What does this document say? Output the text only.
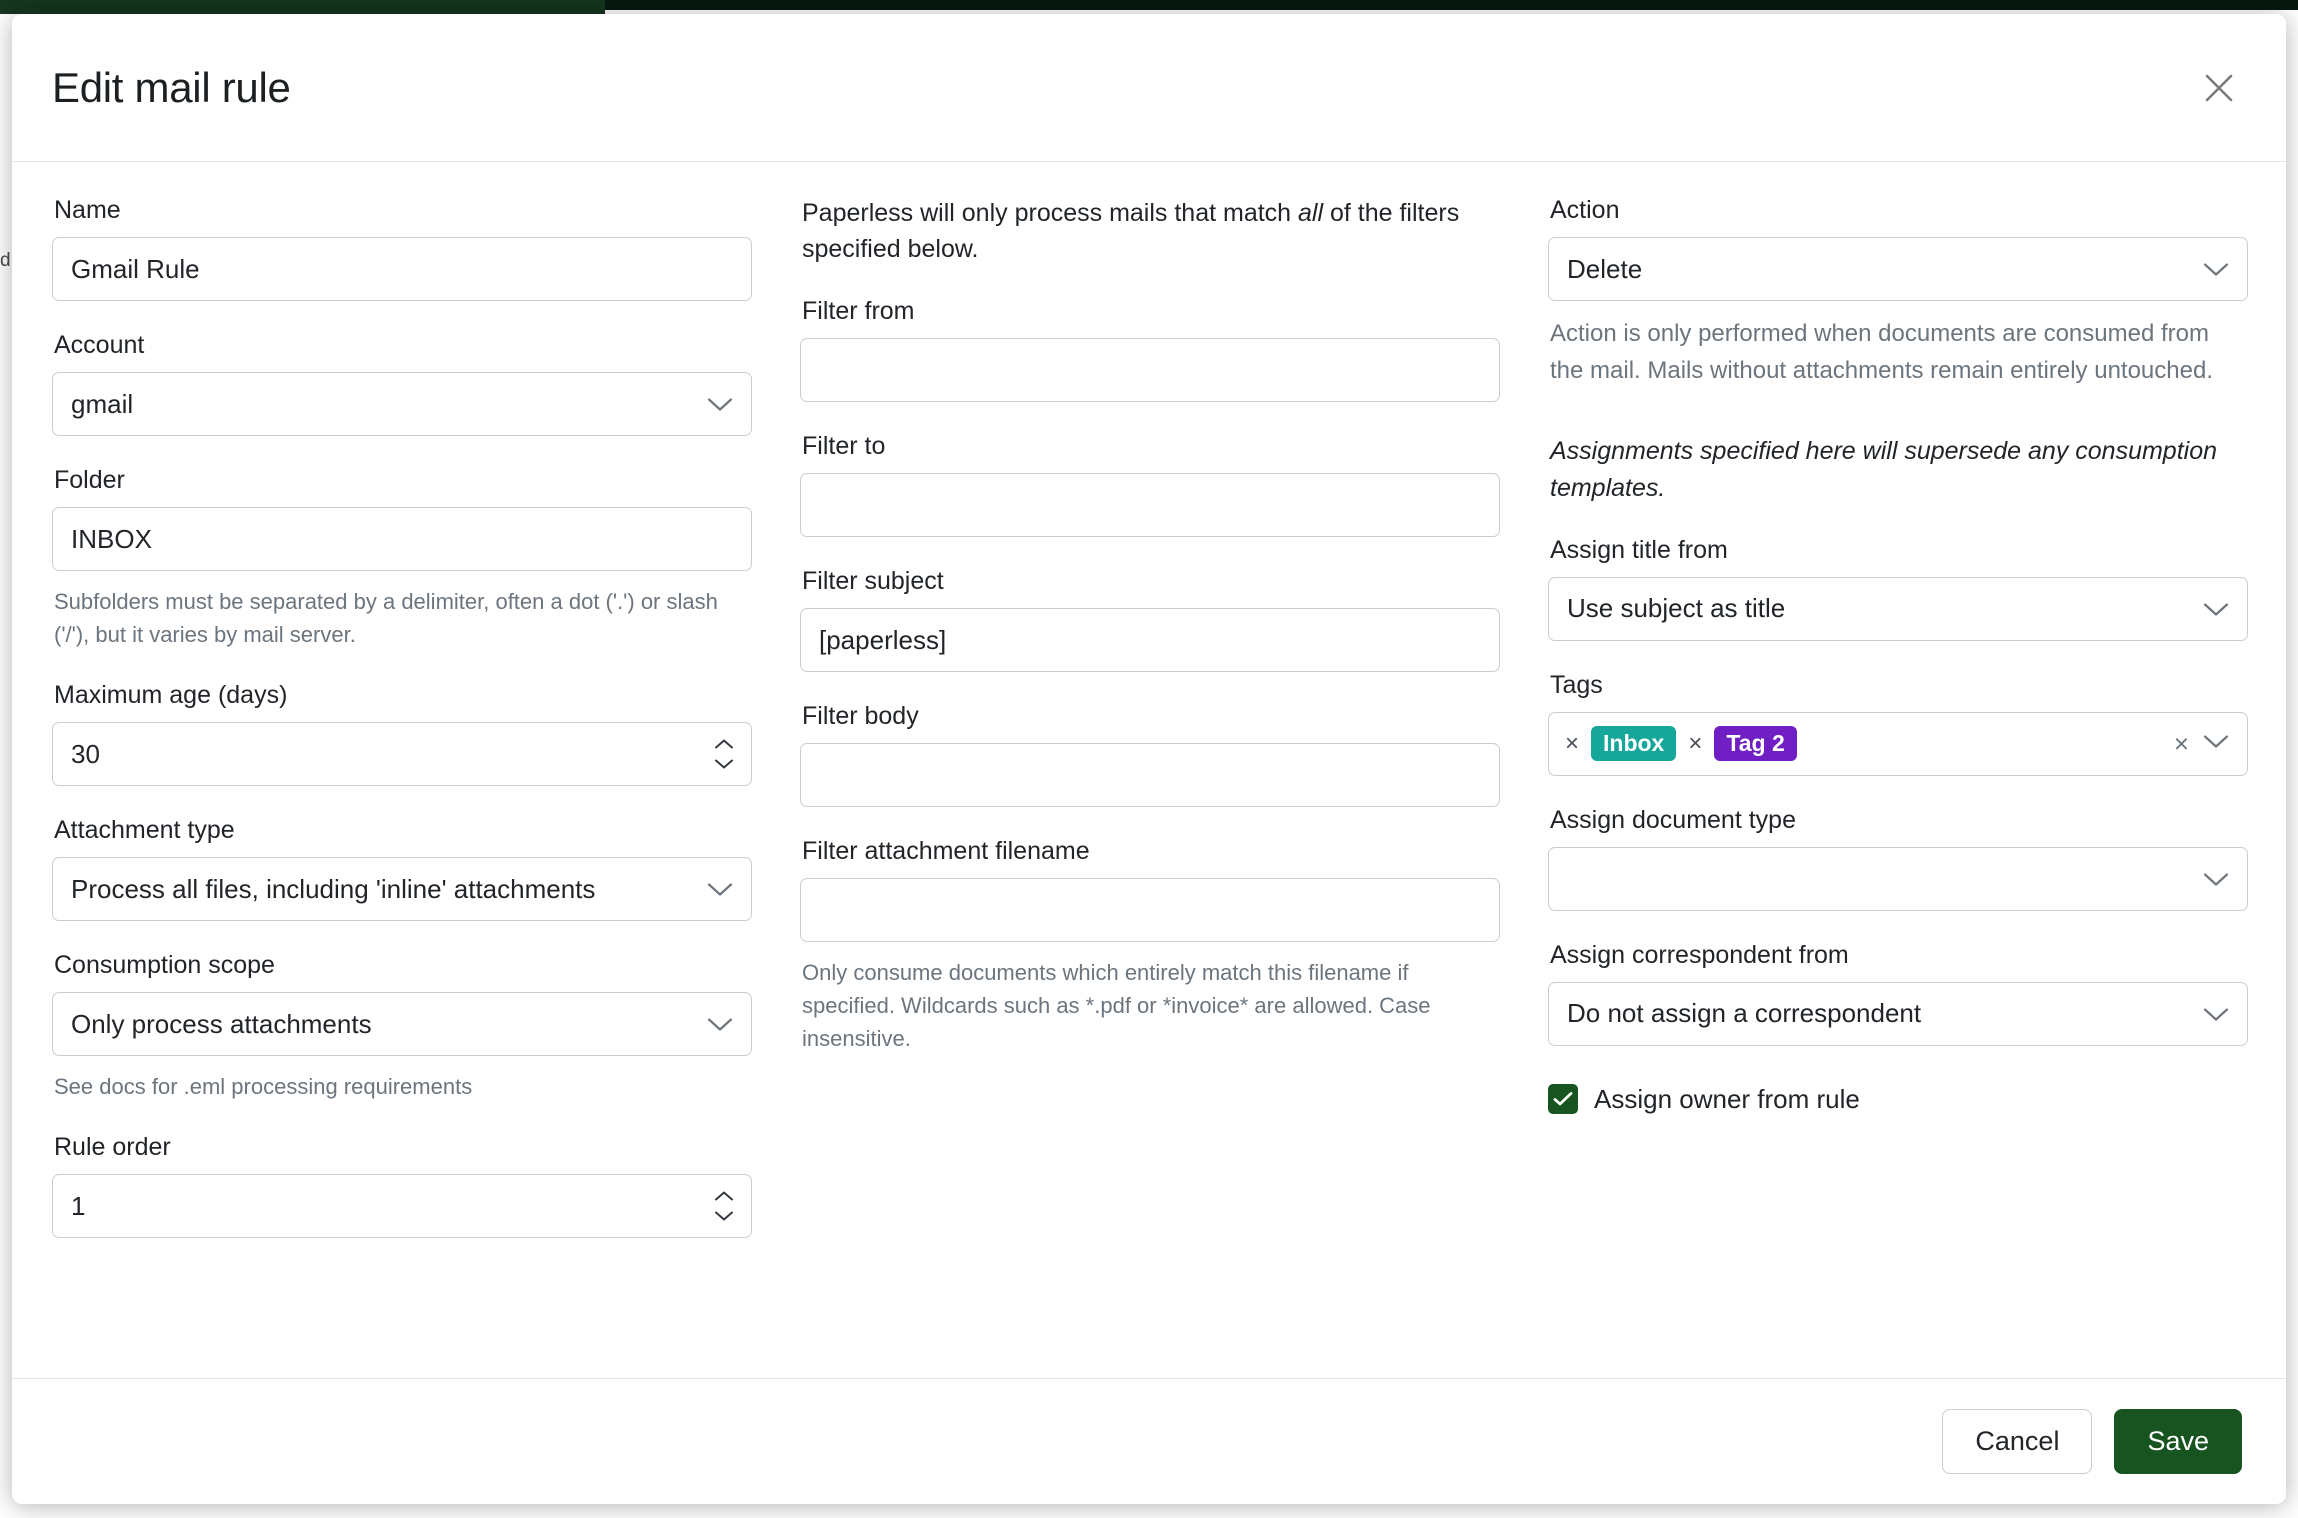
d
Edit mail rule
Name
Gmail Rule
Account
gmail
Folder
INBOX
Subfolders must be separated by a delimiter, often a dot ('.') or slash ('/'), but it varies by mail server.
Maximum age (days)
30
Attachment type
Process all files, including 'inline' attachments
Consumption scope
Only process attachments
See docs for .eml processing requirements
Rule order
1
Paperless will only process mails that match all of the filters specified below.
Filter from
Filter to
Filter subject
[paperless]
Filter body
Filter attachment filename
Only consume documents which entirely match this filename if specified. Wildcards such as *.pdf or *invoice* are allowed. Case insensitive.
Action
Delete
Action is only performed when documents are consumed from the mail. Mails without attachments remain entirely untouched.
Assignments specified here will supersede any consumption templates.
Assign title from
Use subject as title
Tags
× Inbox × Tag 2	×
Assign document type
Assign correspondent from
Do not assign a correspondent
Assign owner from rule
Cancel	Save
